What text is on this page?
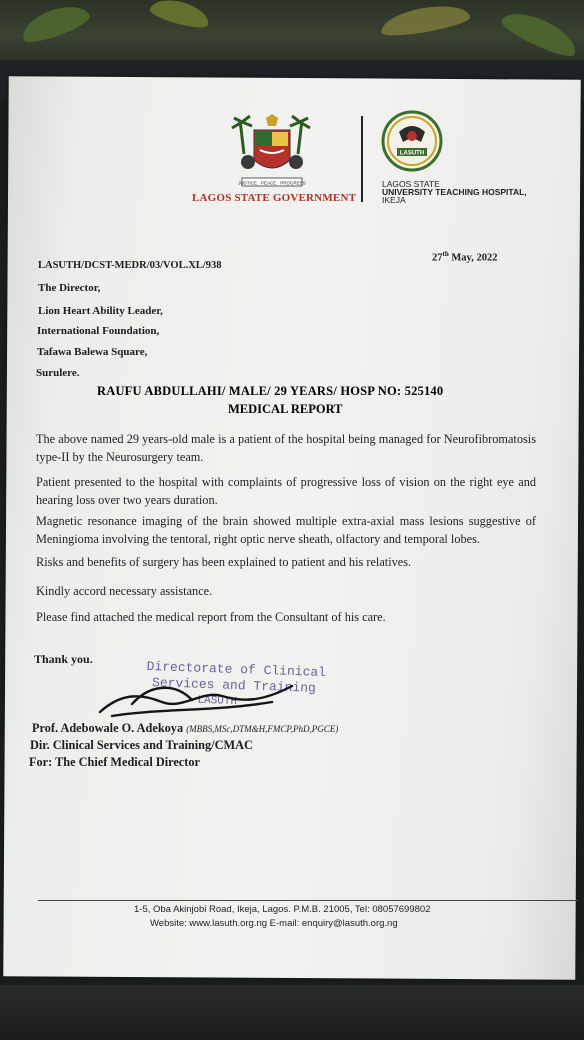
JUSTICE · PEACE · PROGRESS
LAGOS STATE GOVERNMENT
LASUTH
LAGOS STATE
UNIVERSITY TEACHING HOSPITAL,
IKEJA
LASUTH/DCST-MEDR/03/VOL.XL/938
27th May, 2022
The Director,
Lion Heart Ability Leader,
International Foundation,
Tafawa Balewa Square,
Surulere.
RAUFU ABDULLAHI/ MALE/ 29 YEARS/ HOSP NO: 525140
MEDICAL REPORT
The above named 29 years-old male is a patient of the hospital being managed for Neurofibromatosis type-II by the Neurosurgery team.
Patient presented to the hospital with complaints of progressive loss of vision on the right eye and hearing loss over two years duration.
Magnetic resonance imaging of the brain showed multiple extra-axial mass lesions suggestive of Meningioma involving the tentoral, right optic nerve sheath, olfactory and temporal lobes.
Risks and benefits of surgery has been explained to patient and his relatives.
Kindly accord necessary assistance.
Please find attached the medical report from the Consultant of his care.
Thank you.	Directorate of Clinical
Services and Training
LASUTH
Prof. Adebowale O. Adekoya (MBBS,MSc,DTM&H,FMCP,PhD,PGCE)
Dir. Clinical Services and Training/CMAC
For: The Chief Medical Director
1-5, Oba Akinjobi Road, Ikeja, Lagos. P.M.B. 21005, Tel: 08057699802
Website: www.lasuth.org.ng E-mail: enquiry@lasuth.org.ng
